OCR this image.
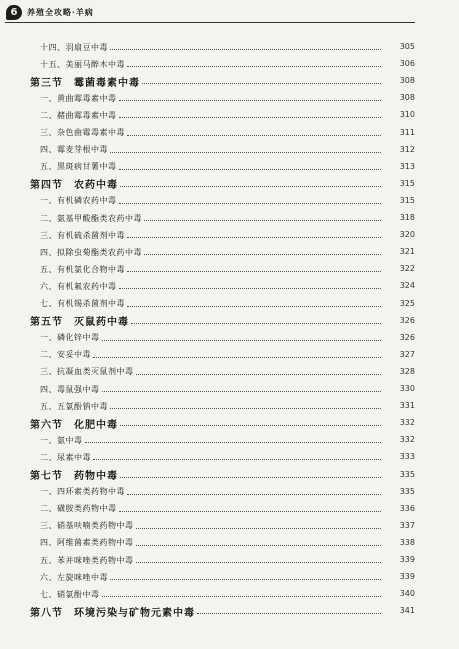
6	养殖全攻略·羊病
十四、羽扇豆中毒	305
十五、美丽马醉木中毒	306
第三节　霉菌毒素中毒	308
一、黄曲霉毒素中毒	308
二、赭曲霉毒素中毒	310
三、杂色曲霉毒素中毒	311
四、霉麦芽根中毒	312
五、黑斑病甘薯中毒	313
第四节　农药中毒	315
一、有机磷农药中毒	315
二、氨基甲酸酯类农药中毒	318
三、有机硫杀菌剂中毒	320
四、拟除虫菊酯类农药中毒	321
五、有机氯化合物中毒	322
六、有机氟农药中毒	324
七、有机锡杀菌剂中毒	325
第五节　灭鼠药中毒	326
一、磷化锌中毒	326
二、安妥中毒	327
三、抗凝血类灭鼠剂中毒	328
四、毒鼠强中毒	330
五、五氯酚钠中毒	331
第六节　化肥中毒	332
一、氨中毒	332
二、尿素中毒	333
第七节　药物中毒	335
一、四环素类药物中毒	335
二、磺胺类药物中毒	336
三、硝基呋喃类药物中毒	337
四、阿维菌素类药物中毒	338
五、苯并咪唑类药物中毒	339
六、左旋咪唑中毒	339
七、硝氯酚中毒	340
第八节　环境污染与矿物元素中毒	341
